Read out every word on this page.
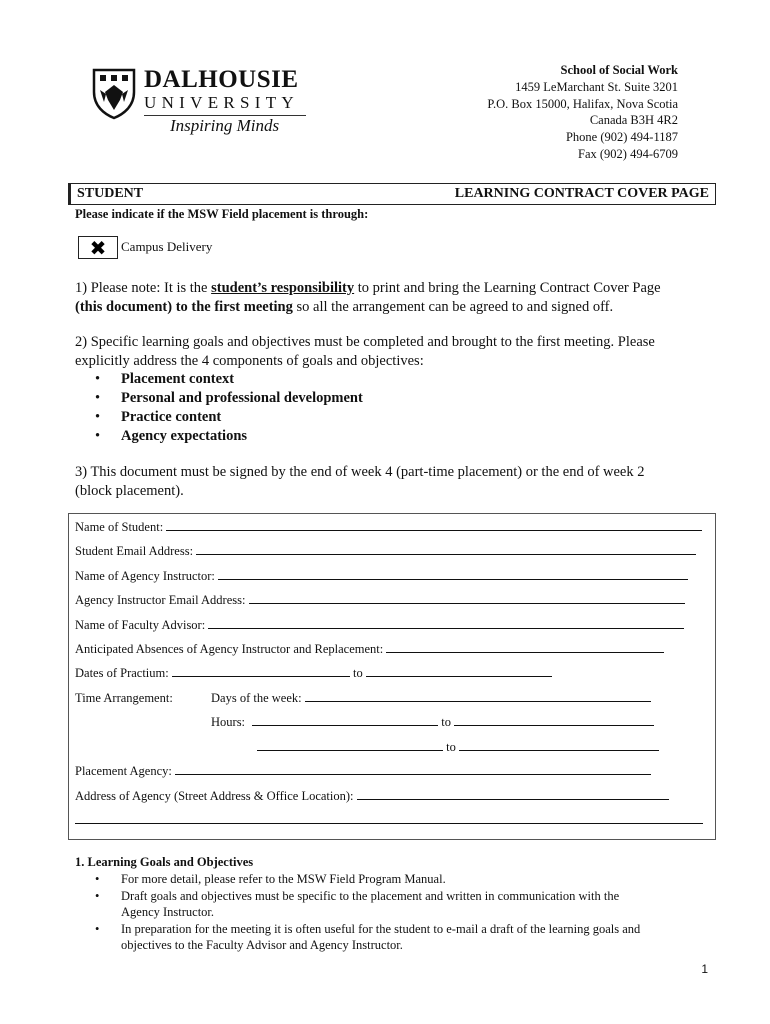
DALHOUSIE
UNIVERSITY
Inspiring Minds
School of Social Work
1459 LeMarchant St. Suite 3201
P.O. Box 15000, Halifax, Nova Scotia
Canada B3H 4R2
Phone (902) 494-1187
Fax (902) 494-6709
STUDENT	LEARNING CONTRACT COVER PAGE
Please indicate if the MSW Field placement is through:
✖ Campus Delivery
1) Please note: It is the student’s responsibility to print and bring the Learning Contract Cover Page
(this document) to the first meeting so all the arrangement can be agreed to and signed off.
2) Specific learning goals and objectives must be completed and brought to the first meeting. Please
explicitly address the 4 components of goals and objectives:
• Placement context
• Personal and professional development
• Practice content
• Agency expectations
3) This document must be signed by the end of week 4 (part-time placement) or the end of week 2
(block placement).
Name of Student:
Student Email Address:
Name of Agency Instructor:
Agency Instructor Email Address:
Name of Faculty Advisor:
Anticipated Absences of Agency Instructor and Replacement:
Dates of Practium:	to
Time Arrangement:	Days of the week:
Hours:	to
to
Placement Agency:
Address of Agency (Street Address & Office Location):
1. Learning Goals and Objectives
• For more detail, please refer to the MSW Field Program Manual.
• Draft goals and objectives must be specific to the placement and written in communication with the
Agency Instructor.
• In preparation for the meeting it is often useful for the student to e-mail a draft of the learning goals and
objectives to the Faculty Advisor and Agency Instructor.
1
